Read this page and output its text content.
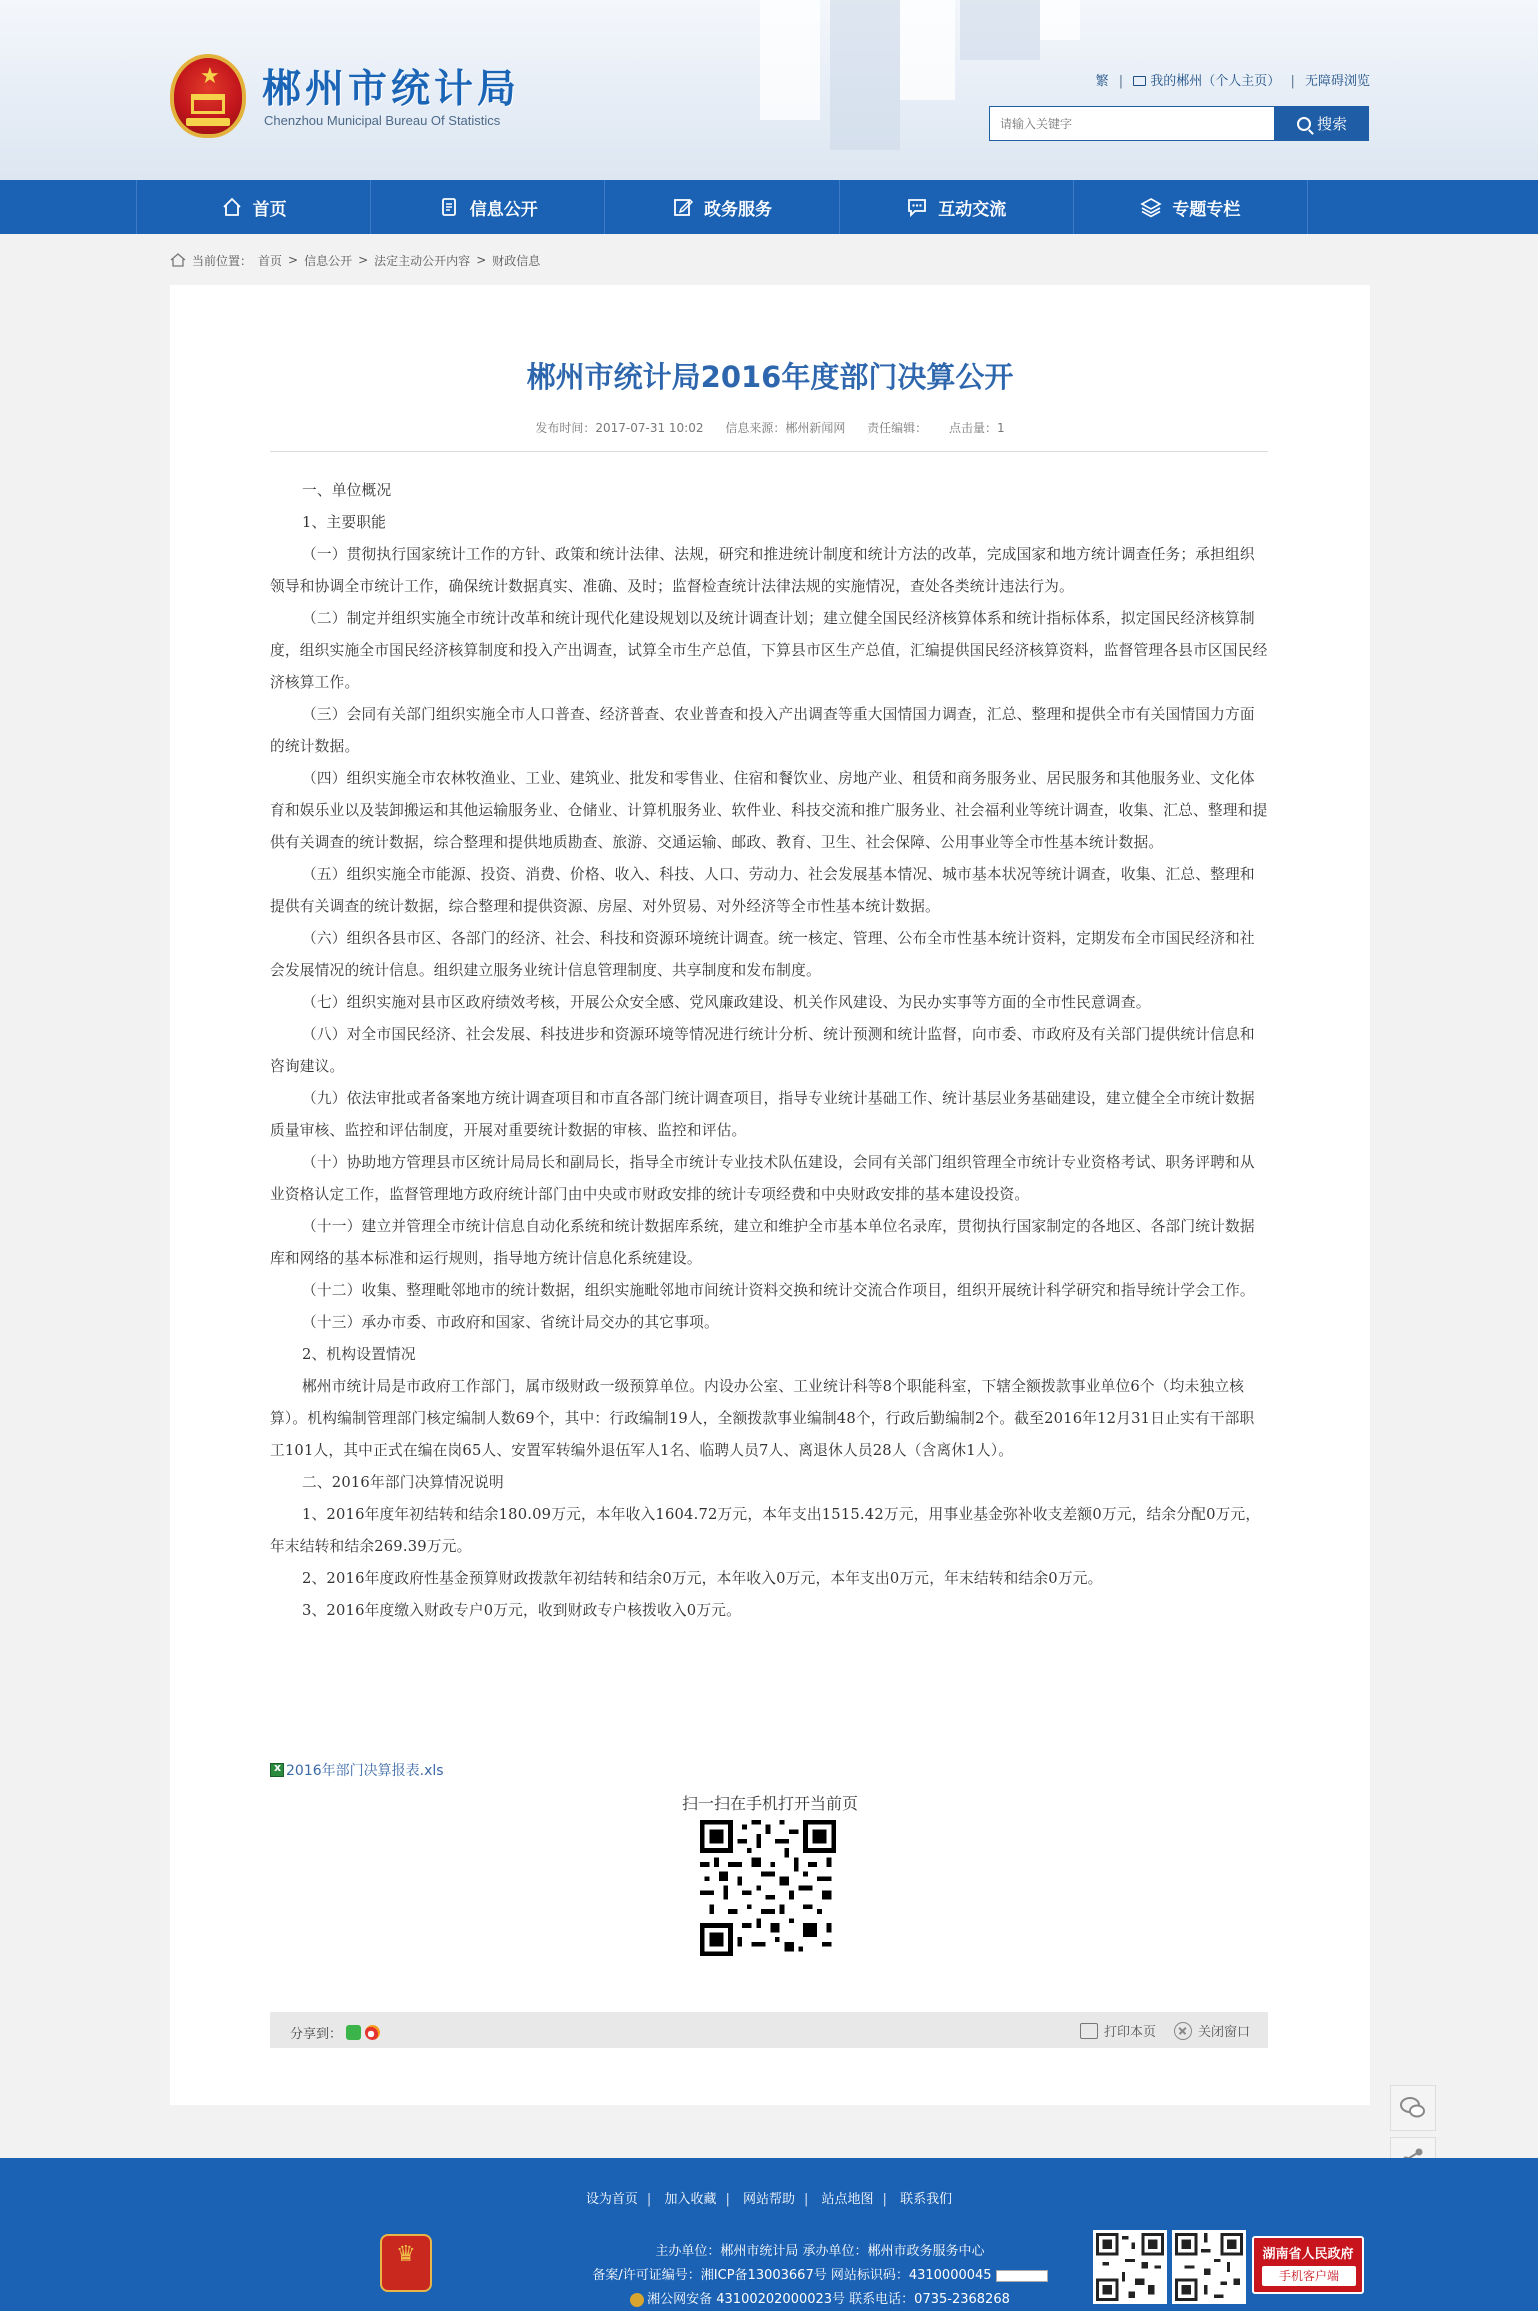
★ 郴州市统计局
Chenzhou Municipal Bureau Of Statistics
繁 | 我的郴州（个人主页） | 无障碍浏览
请输入关键字
搜索
首页	信息公开	政务服务	互动交流	专题专栏
当前位置： 首页 > 信息公开 > 法定主动公开内容 > 财政信息
郴州市统计局2016年度部门决算公开
发布时间：2017-07-31 10:02 信息来源：郴州新闻网 责任编辑： 点击量：1

一、单位概况

1、主要职能

（一）贯彻执行国家统计工作的方针、政策和统计法律、法规，研究和推进统计制度和统计方法的改革，完成国家和地方统计调查任务；承担组织领导和协调全市统计工作，确保统计数据真实、准确、及时；监督检查统计法律法规的实施情况，查处各类统计违法行为。

（二）制定并组织实施全市统计改革和统计现代化建设规划以及统计调查计划；建立健全国民经济核算体系和统计指标体系，拟定国民经济核算制度，组织实施全市国民经济核算制度和投入产出调查，试算全市生产总值，下算县市区生产总值，汇编提供国民经济核算资料，监督管理各县市区国民经济核算工作。

（三）会同有关部门组织实施全市人口普查、经济普查、农业普查和投入产出调查等重大国情国力调查，汇总、整理和提供全市有关国情国力方面的统计数据。

（四）组织实施全市农林牧渔业、工业、建筑业、批发和零售业、住宿和餐饮业、房地产业、租赁和商务服务业、居民服务和其他服务业、文化体育和娱乐业以及装卸搬运和其他运输服务业、仓储业、计算机服务业、软件业、科技交流和推广服务业、社会福利业等统计调查，收集、汇总、整理和提供有关调查的统计数据，综合整理和提供地质勘查、旅游、交通运输、邮政、教育、卫生、社会保障、公用事业等全市性基本统计数据。

（五）组织实施全市能源、投资、消费、价格、收入、科技、人口、劳动力、社会发展基本情况、城市基本状况等统计调查，收集、汇总、整理和提供有关调查的统计数据，综合整理和提供资源、房屋、对外贸易、对外经济等全市性基本统计数据。

（六）组织各县市区、各部门的经济、社会、科技和资源环境统计调查。统一核定、管理、公布全市性基本统计资料，定期发布全市国民经济和社会发展情况的统计信息。组织建立服务业统计信息管理制度、共享制度和发布制度。

（七）组织实施对县市区政府绩效考核，开展公众安全感、党风廉政建设、机关作风建设、为民办实事等方面的全市性民意调查。

（八）对全市国民经济、社会发展、科技进步和资源环境等情况进行统计分析、统计预测和统计监督，向市委、市政府及有关部门提供统计信息和咨询建议。

（九）依法审批或者备案地方统计调查项目和市直各部门统计调查项目，指导专业统计基础工作、统计基层业务基础建设，建立健全全市统计数据质量审核、监控和评估制度，开展对重要统计数据的审核、监控和评估。

（十）协助地方管理县市区统计局局长和副局长，指导全市统计专业技术队伍建设，会同有关部门组织管理全市统计专业资格考试、职务评聘和从业资格认定工作，监督管理地方政府统计部门由中央或市财政安排的统计专项经费和中央财政安排的基本建设投资。

（十一）建立并管理全市统计信息自动化系统和统计数据库系统，建立和维护全市基本单位名录库，贯彻执行国家制定的各地区、各部门统计数据库和网络的基本标准和运行规则，指导地方统计信息化系统建设。

（十二）收集、整理毗邻地市的统计数据，组织实施毗邻地市间统计资料交换和统计交流合作项目，组织开展统计科学研究和指导统计学会工作。

（十三）承办市委、市政府和国家、省统计局交办的其它事项。

2、机构设置情况

郴州市统计局是市政府工作部门，属市级财政一级预算单位。内设办公室、工业统计科等8个职能科室，下辖全额拨款事业单位6个（均未独立核算）。机构编制管理部门核定编制人数69个，其中：行政编制19人，全额拨款事业编制48个，行政后勤编制2个。截至2016年12月31日止实有干部职工101人，其中正式在编在岗65人、安置军转编外退伍军人1名、临聘人员7人、离退休人员28人（含离休1人）。

二、2016年部门决算情况说明

1、2016年度年初结转和结余180.09万元，本年收入1604.72万元，本年支出1515.42万元，用事业基金弥补收支差额0万元，结余分配0万元，年末结转和结余269.39万元。

2、2016年度政府性基金预算财政拨款年初结转和结余0万元，本年收入0万元，本年支出0万元，年末结转和结余0万元。

3、2016年度缴入财政专户0万元，收到财政专户核拨收入0万元。

x
2016年部门决算报表.xls
扫一扫在手机打开当前页
分享到：	打印本页	关闭窗口
设为首页 | 加入收藏 | 网站帮助 | 站点地图 | 联系我们
♛
主办单位：郴州市统计局 承办单位：郴州市政务服务中心
备案/许可证编号：湘ICP备13003667号 网站标识码：4310000045
湘公网安备 43100202000023号 联系电话：0735-2368268
湖南省人民政府
手机客户端
